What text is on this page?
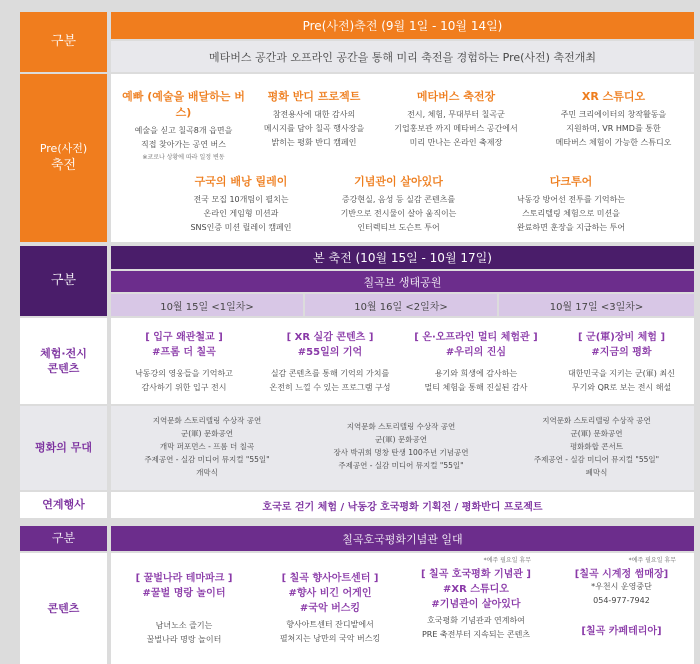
구분
Pre(사전)
축전
Pre(사전)축전 (9월 1일 - 10월 14일)
메타버스 공간과 오프라인 공간을 통해 미리 축전을 경험하는 Pre(사전) 축전개최
예빠 (예술을 배달하는 버스)
예술을 싣고 칠곡8개 읍면을
직접 찾아가는 공연 버스
※코로나 상황에 따라 일정 변동
평화 반디 프로젝트
참전용사에 대한 감사의
메시지를 담아 칠곡 행사장을
밝히는 평화 반디 캠페인
메타버스 축전장
전시, 체험, 무대부터 칠곡군
기업홍보관 까지 메타버스 공간에서
미리 만나는 온라인 축제장
XR 스튜디오
주민 크리에이터의 창작활동을
지원하며, VR HMD를 통한
메타버스 체험이 가능한 스튜디오
구국의 배낭 릴레이
전국 모집 10개팀이 펼치는
온라인 게임형 미션과
SNS인증 미션 릴레이 캠페인
기념관이 살아있다
증강현실, 음성 등 실감 콘텐츠를
기반으로 전시물이 살아 움직이는
인터렉티브 도슨트 투어
다크투어
낙동강 방어선 전투를 기억하는
스토리텔링 체험으로 미션을
완료하면 훈장을 지급하는 투어
구분
본 축전 (10월 15일 - 10월 17일)
칠곡보 생태공원
10월 15일 <1일차>	10월 16일 <2일차>	10월 17일 <3일차>
체험·전시
콘텐츠
[ 입구 왜관철교 ]
#프롬 더 칠곡
낙동강의 영웅들을 기억하고
감사하기 위한 입구 전시
[ XR 실감 콘텐츠 ]
#55일의 기억
실감 콘텐츠를 통해 기억의 가치를
온전히 느낄 수 있는 프로그램 구성
[ 온·오프라인 멀티 체험관 ]
#우리의 진심
용기와 희생에 감사하는
멀티 체험을 통해 진실된 감사
[ 군(軍)장비 체험 ]
#지금의 평화
대한민국을 지키는 군(軍) 최신
무기와 QR로 보는 전시 해설
평화의 무대
지역문화 스토리텔링 수상작 공연
군(軍) 문화공연
개막 퍼포먼스 - 프롬 더 칠곡
주제공연 - 실감 미디어 뮤지컬 "55일"
개막식
지역문화 스토리텔링 수상작 공연
군(軍) 문화공연
장사 박귀희 명창 탄생 100주년 기념공연
주제공연 - 실감 미디어 뮤지컬 "55일"
지역문화 스토리텔링 수상작 공연
군(軍) 문화공연
평화화합 콘서트
주제공연 - 실감 미디어 뮤지컬 "55일"
폐막식
연계행사	호국로 걷기 체험 / 낙동강 호국평화 기획전 / 평화반디 프로젝트
구분	칠곡호국평화기념관 일대
콘텐츠
[ 꿀벌나라 테마파크 ]
#꿀벌 명랑 놀이터
남녀노소 즐기는
꿀벌나라 명랑 놀이터
[ 칠곡 향사아트센터 ]
#향사 비긴 어게인
#국악 버스킹
향사아트센터 잔디밭에서
펼쳐지는 낭만의 국악 버스킹
*예주 필요일 휴무
[ 칠곡 호국평화 기념관 ]
#XR 스튜디오
#기념관이 살아있다
호국평화 기념관과 연계하여
PRE 축전부터 지속되는 콘텐츠
*예주 필요일 휴무
[칠곡 시계정 썸매장]
*우천시 운영중단
054-977-7942
[칠곡 카페테리아]
